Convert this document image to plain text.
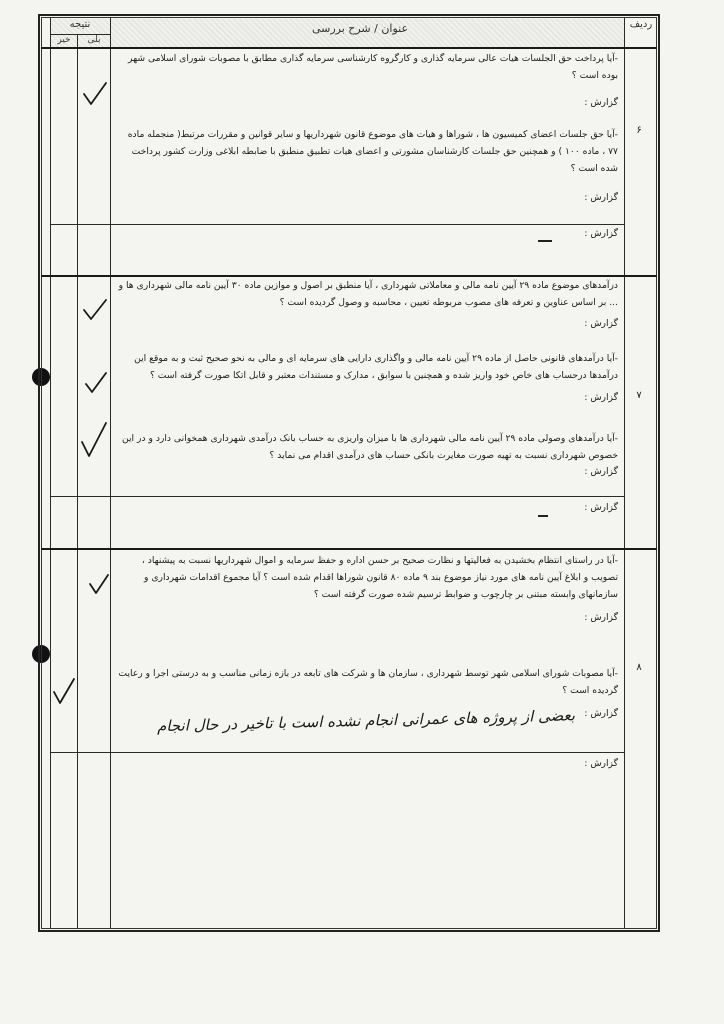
عنوان / شرح بررسی	ردیف
نتیجه
بلی
خیر
۶
-آیا پرداخت حق الجلسات هیات عالی سرمایه گذاری و کارگروه کارشناسی سرمایه گذاری مطابق با مصوبات شورای اسلامی شهر بوده است ؟
گزارش :
-آیا حق جلسات اعضای کمیسیون ها ، شوراها و هیات های موضوع قانون شهرداریها و سایر قوانین و مقررات مرتبط( منجمله ماده ۷۷ ، ماده ۱۰۰ ) و همچنین حق جلسات کارشناسان مشورتی و اعضای هیات تطبیق منطبق با ضابطه ابلاغی وزارت کشور پرداخت شده است ؟
گزارش :
گزارش :
۷
درآمدهای موضوع ماده ۲۹ آیین نامه مالی و معاملاتی شهرداری ، آیا منطبق بر اصول و موازین ماده ۳۰ آیین نامه مالی شهرداری ها و ... بر اساس عناوین و تعرفه های مصوب مربوطه تعیین ، محاسبه و وصول گردیده است ؟
گزارش :
-آیا درآمدهای قانونی حاصل از ماده ۲۹ آیین نامه مالی و واگذاری دارایی های سرمایه ای و مالی به نحو صحیح ثبت و به موقع این درآمدها درحساب های خاص خود واریز شده و همچنین با سوابق ، مدارک و مستندات معتبر و قابل اتکا صورت گرفته است ؟
گزارش :
-آیا درآمدهای وصولی ماده ۲۹ آیین نامه مالی شهرداری ها با میزان واریزی به حساب بانک درآمدی شهرداری همخوانی دارد و در این خصوص شهرداری نسبت به تهیه صورت مغایرت بانکی حساب های درآمدی اقدام می نماید ؟
گزارش :
گزارش :
۸
-آیا در راستای انتظام بخشیدن به فعالیتها و نظارت صحیح بر حسن اداره و حفظ سرمایه و اموال شهرداریها نسبت به پیشنهاد ، تصویب و ابلاغ آیین نامه های مورد نیاز موضوع بند ۹ ماده ۸۰ قانون شوراها اقدام شده است ؟ آیا مجموع اقدامات شهرداری و سازمانهای وابسته مبتنی بر چارچوب و ضوابط ترسیم شده صورت گرفته است ؟
گزارش :
-آیا مصوبات شورای اسلامی شهر توسط شهرداری ، سازمان ها و شرکت های تابعه در بازه زمانی مناسب و به درستی اجرا و رعایت گردیده است ؟
گزارش :
بعضی از پروژه های عمرانی انجام نشده است با تاخیر در حال انجام
گزارش :
